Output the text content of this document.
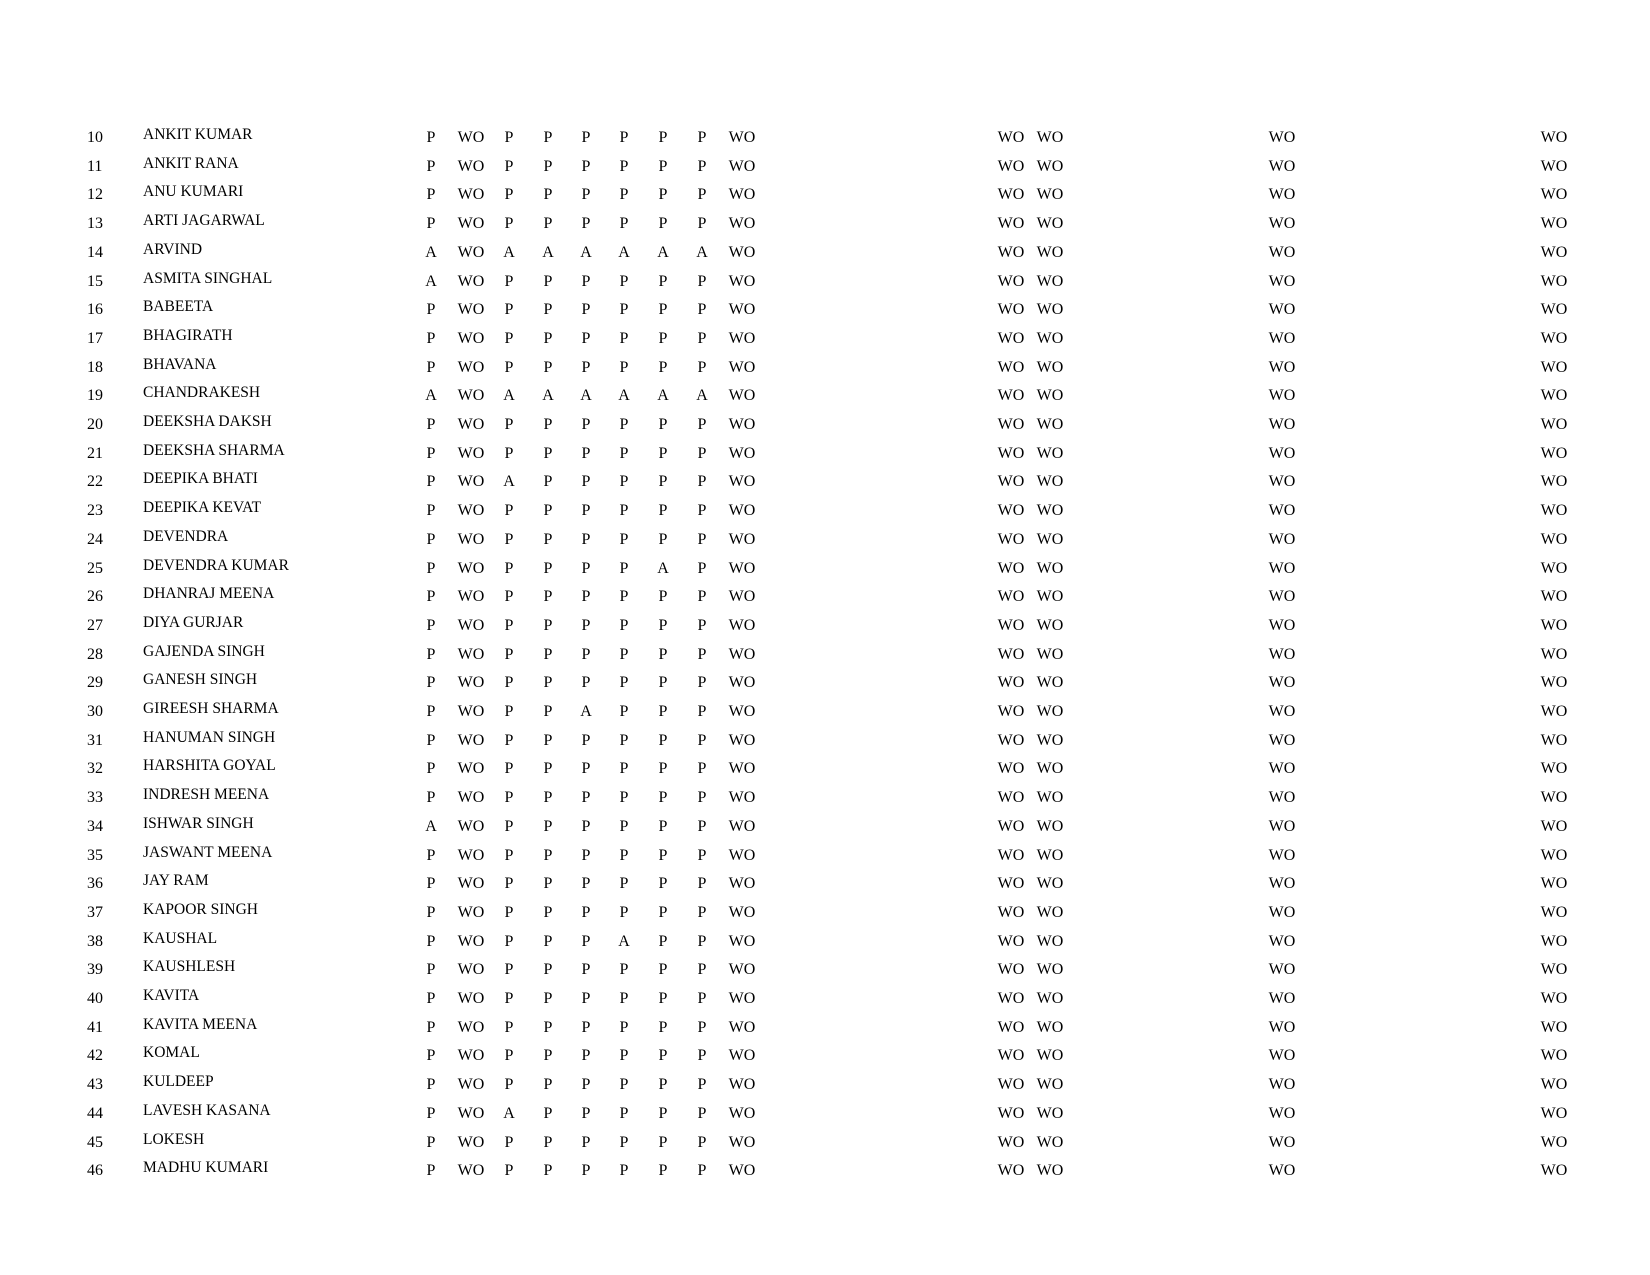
10	ANKIT KUMAR	P WO P P P P P P WO	WO WO	WO	WO
11	ANKIT RANA	P WO P P P P P P WO	WO WO	WO	WO
12	ANU KUMARI	P WO P P P P P P WO	WO WO	WO	WO
13	ARTI JAGARWAL	P WO P P P P P P WO	WO WO	WO	WO
14	ARVIND	A WO A A A A A A WO	WO WO	WO	WO
15	ASMITA SINGHAL	A WO P P P P P P WO	WO WO	WO	WO
16	BABEETA	P WO P P P P P P WO	WO WO	WO	WO
17	BHAGIRATH	P WO P P P P P P WO	WO WO	WO	WO
18	BHAVANA	P WO P P P P P P WO	WO WO	WO	WO
19	CHANDRAKESH	A WO A A A A A A WO	WO WO	WO	WO
20	DEEKSHA DAKSH	P WO P P P P P P WO	WO WO	WO	WO
21	DEEKSHA SHARMA	P WO P P P P P P WO	WO WO	WO	WO
22	DEEPIKA BHATI	P WO A P P P P P WO	WO WO	WO	WO
23	DEEPIKA KEVAT	P WO P P P P P P WO	WO WO	WO	WO
24	DEVENDRA	P WO P P P P P P WO	WO WO	WO	WO
25	DEVENDRA KUMAR	P WO P P P P A P WO	WO WO	WO	WO
26	DHANRAJ MEENA	P WO P P P P P P WO	WO WO	WO	WO
27	DIYA GURJAR	P WO P P P P P P WO	WO WO	WO	WO
28	GAJENDA SINGH	P WO P P P P P P WO	WO WO	WO	WO
29	GANESH SINGH	P WO P P P P P P WO	WO WO	WO	WO
30	GIREESH SHARMA	P WO P P A P P P WO	WO WO	WO	WO
31	HANUMAN SINGH	P WO P P P P P P WO	WO WO	WO	WO
32	HARSHITA GOYAL	P WO P P P P P P WO	WO WO	WO	WO
33	INDRESH MEENA	P WO P P P P P P WO	WO WO	WO	WO
34	ISHWAR SINGH	A WO P P P P P P WO	WO WO	WO	WO
35	JASWANT MEENA	P WO P P P P P P WO	WO WO	WO	WO
36	JAY RAM	P WO P P P P P P WO	WO WO	WO	WO
37	KAPOOR SINGH	P WO P P P P P P WO	WO WO	WO	WO
38	KAUSHAL	P WO P P P A P P WO	WO WO	WO	WO
39	KAUSHLESH	P WO P P P P P P WO	WO WO	WO	WO
40	KAVITA	P WO P P P P P P WO	WO WO	WO	WO
41	KAVITA MEENA	P WO P P P P P P WO	WO WO	WO	WO
42	KOMAL	P WO P P P P P P WO	WO WO	WO	WO
43	KULDEEP	P WO P P P P P P WO	WO WO	WO	WO
44	LAVESH KASANA	P WO A P P P P P WO	WO WO	WO	WO
45	LOKESH	P WO P P P P P P WO	WO WO	WO	WO
46	MADHU KUMARI	P WO P P P P P P WO	WO WO	WO	WO
